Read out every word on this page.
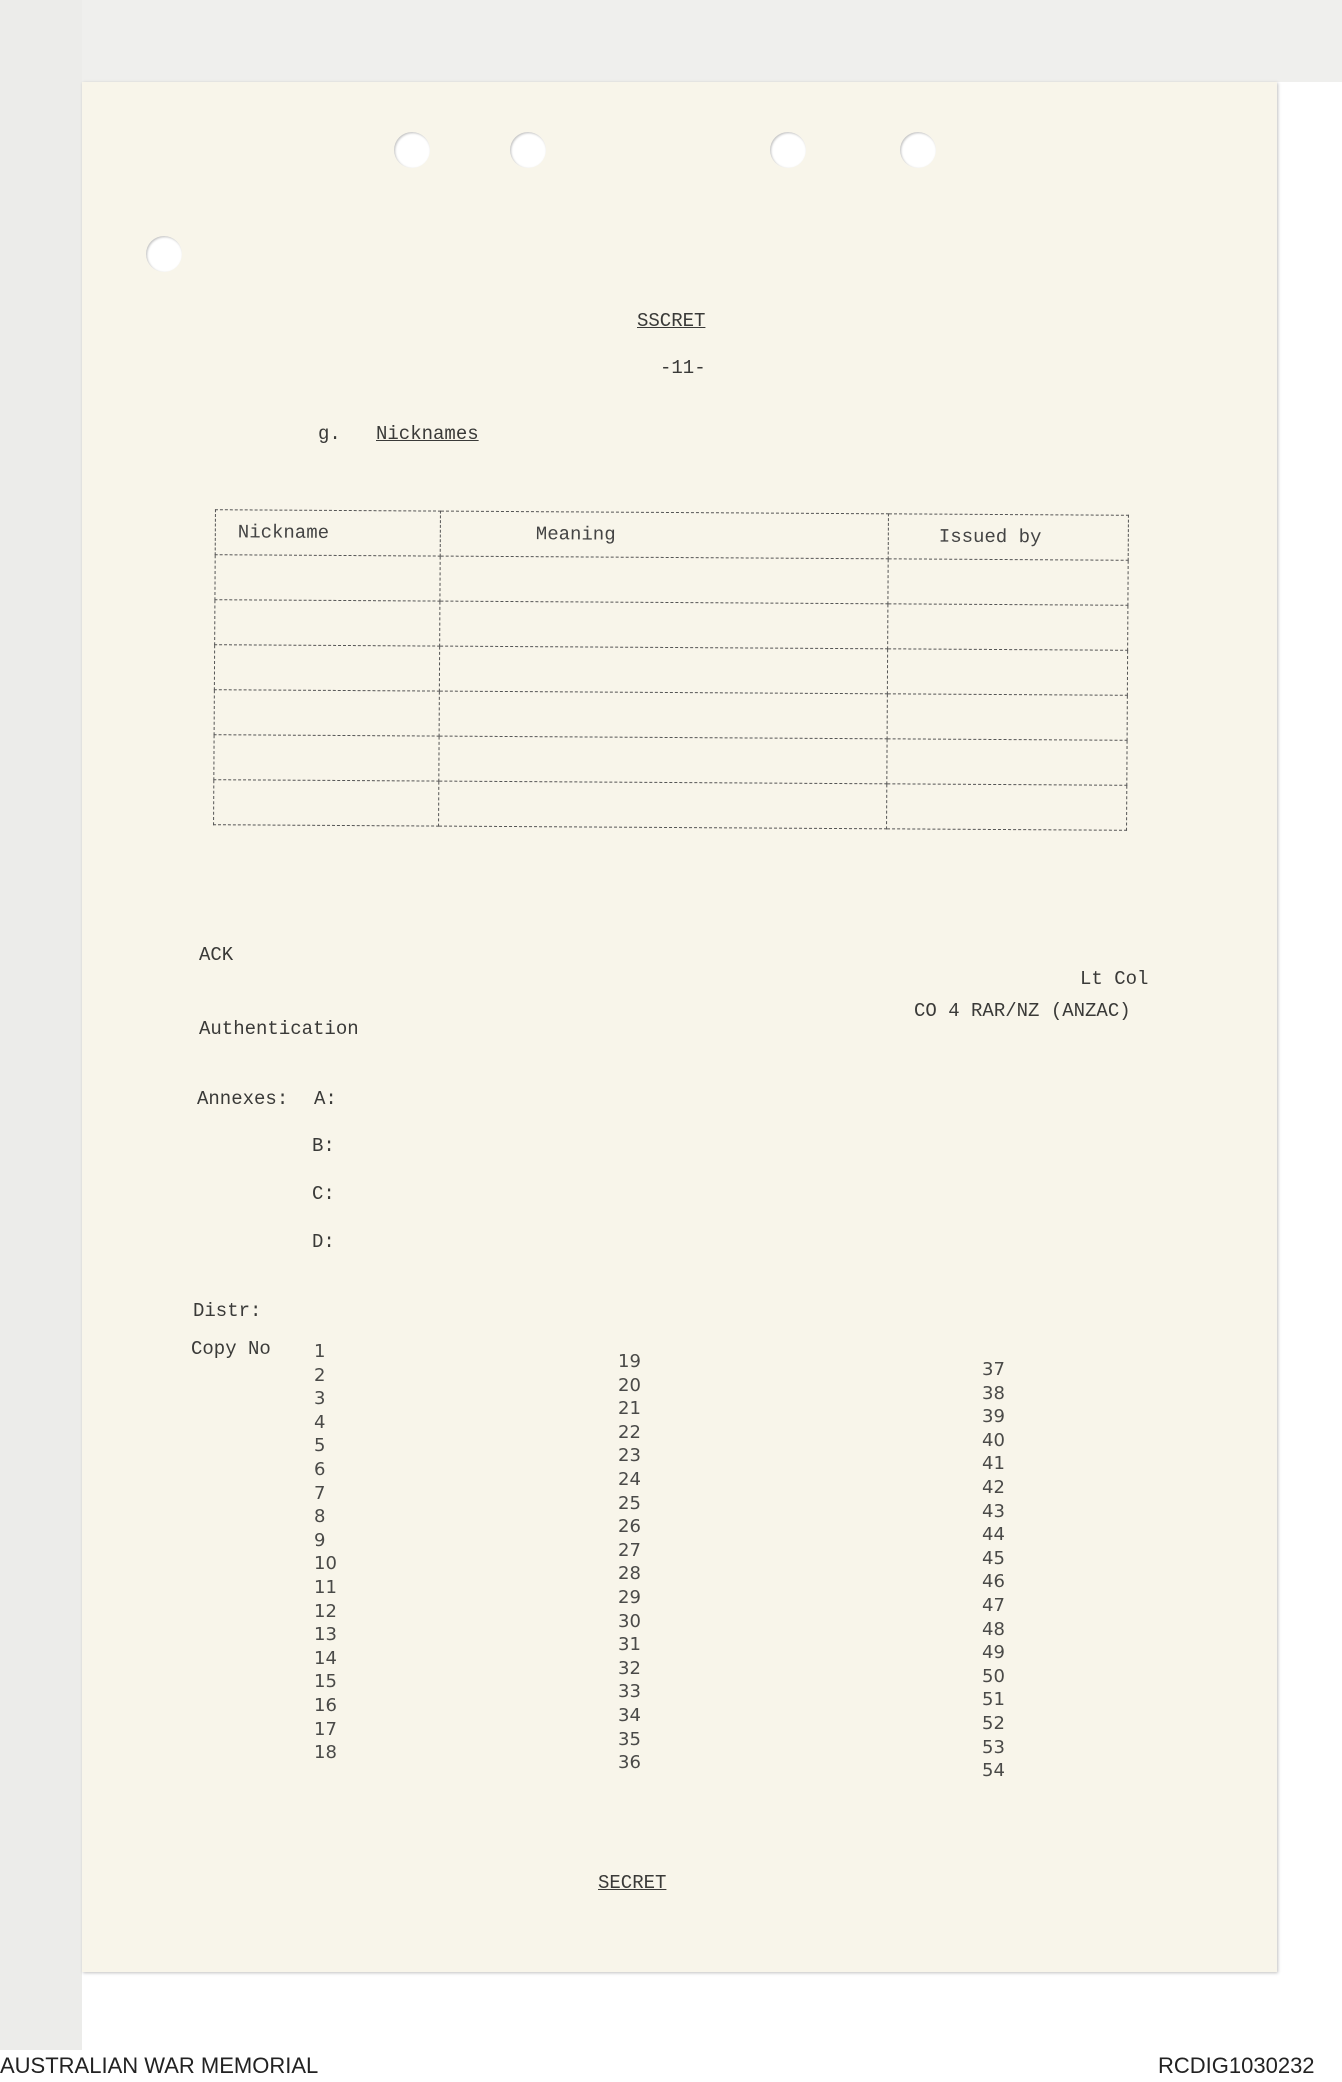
SSCRET
-11-
g. Nicknames
Nickname	Meaning	Issued by

ACK
Lt Col
CO 4 RAR/NZ (ANZAC)
Authentication
Annexes: A:
B:
C:
D:
Distr:
Copy No 1
2
3
4
5
6
7
8
9
10
11
12
13
14
15
16
17
18
19
20
21
22
23
24
25
26
27
28
29
30
31
32
33
34
35
36
37
38
39
40
41
42
43
44
45
46
47
48
49
50
51
52
53
54
SECRET
AUSTRALIAN WAR MEMORIAL	RCDIG1030232
